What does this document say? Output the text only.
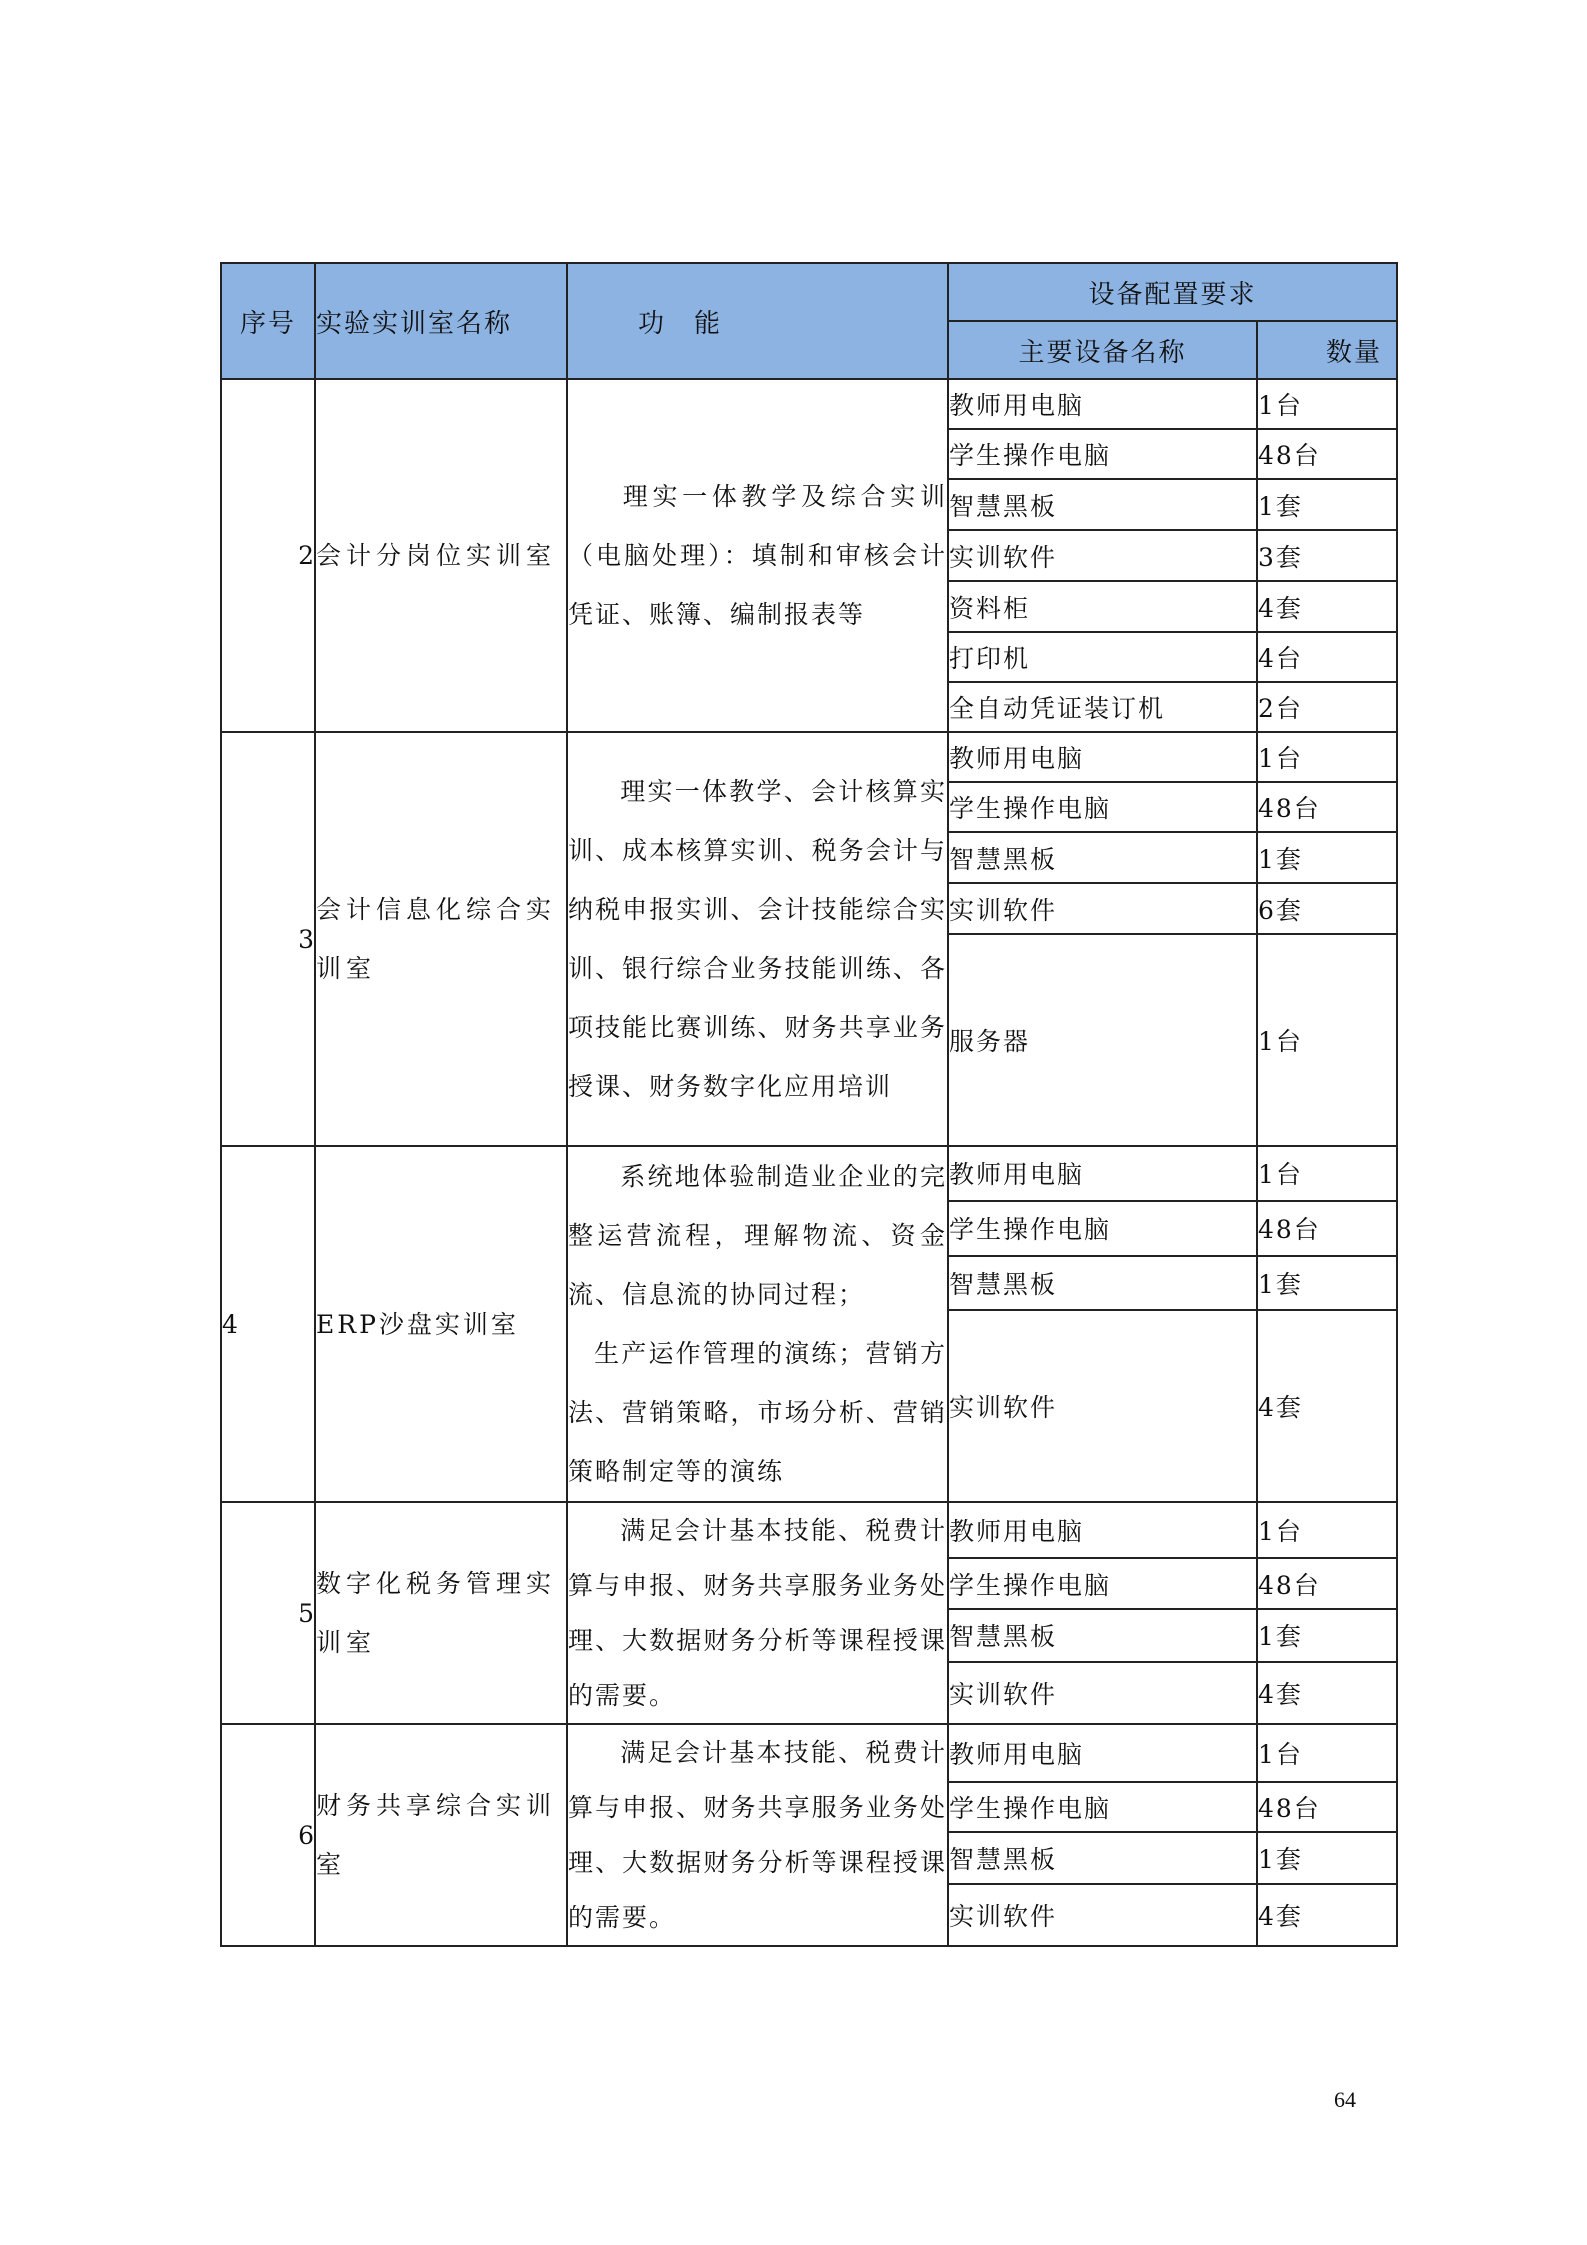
序号	实验实训室名称	功　能	设备配置要求	
			主要设备名称	数量
2	会计分岗位实训室	理实一体教学及综合实训（电脑处理）：填制和审核会计凭证、账簿、编制报表等	教师用电脑	1台
			学生操作电脑	48台
			智慧黑板	1套
			实训软件	3套
			资料柜	4套
			打印机	4台
			全自动凭证装订机	2台
3	会计信息化综合实训室	理实一体教学、会计核算实训、成本核算实训、税务会计与纳税申报实训、会计技能综合实训、银行综合业务技能训练、各项技能比赛训练、财务共享业务授课、财务数字化应用培训	教师用电脑	1台
			学生操作电脑	48台
			智慧黑板	1套
			实训软件	6套
			服务器	1台
4	ERP沙盘实训室	系统地体验制造业企业的完整运营流程，理解物流、资金流、信息流的协同过程；
生产运作管理的演练；营销方法、营销策略，市场分析、营销策略制定等的演练	教师用电脑	1台
			学生操作电脑	48台
			智慧黑板	1套
			实训软件	4套
5	数字化税务管理实训室	满足会计基本技能、税费计算与申报、财务共享服务业务处理、大数据财务分析等课程授课的需要。	教师用电脑	1台
			学生操作电脑	48台
			智慧黑板	1套
			实训软件	4套
6	财务共享综合实训室	满足会计基本技能、税费计算与申报、财务共享服务业务处理、大数据财务分析等课程授课的需要。	教师用电脑	1台
			学生操作电脑	48台
			智慧黑板	1套
			实训软件	4套
64
